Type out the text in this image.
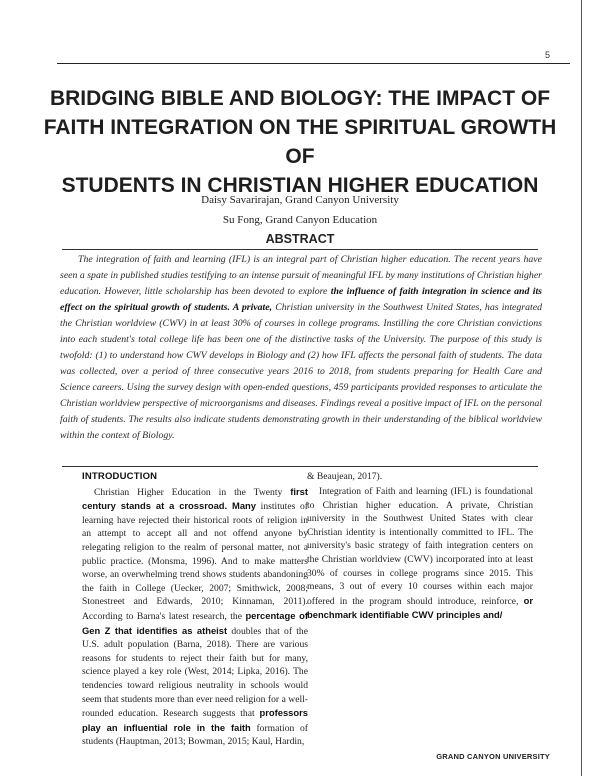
5
BRIDGING BIBLE AND BIOLOGY: THE IMPACT OF
FAITH INTEGRATION ON THE SPIRITUAL GROWTH OF
STUDENTS IN CHRISTIAN HIGHER EDUCATION
Daisy Savarirajan, Grand Canyon University
Su Fong, Grand Canyon Education
ABSTRACT

The integration of faith and learning (IFL) is an integral part of Christian higher education. The recent years have seen a spate in published studies testifying to an intense pursuit of meaningful IFL by many institutions of Christian higher education. However, little scholarship has been devoted to explore the influence of faith integration in science and its effect on the spiritual growth of students. A private, Christian university in the Southwest United States, has integrated the Christian worldview (CWV) in at least 30% of courses in college programs. Instilling the core Christian convictions into each student's total college life has been one of the distinctive tasks of the University. The purpose of this study is twofold: (1) to understand how CWV develops in Biology and (2) how IFL affects the personal faith of students. The data was collected, over a period of three consecutive years 2016 to 2018, from students preparing for Health Care and Science careers. Using the survey design with open-ended questions, 459 participants provided responses to articulate the Christian worldview perspective of microorganisms and diseases. Findings reveal a positive impact of IFL on the personal faith of students. The results also indicate students demonstrating growth in their understanding of the biblical worldview within the context of Biology.

INTRODUCTION

Christian Higher Education in the Twenty first century stands at a crossroad. Many institutes of learning have rejected their historical roots of religion in an attempt to accept all and not offend anyone by relegating religion to the realm of personal matter, not a public practice. (Monsma, 1996). And to make matters worse, an overwhelming trend shows students abandoning the faith in College (Uecker, 2007; Smithwick, 2008; Stonestreet and Edwards, 2010; Kinnaman, 2011). According to Barna's latest research, the percentage of Gen Z that identifies as atheist doubles that of the U.S. adult population (Barna, 2018). There are various reasons for students to reject their faith but for many, science played a key role (West, 2014; Lipka, 2016). The tendencies toward religious neutrality in schools would seem that students more than ever need religion for a well-rounded education. Research suggests that professors play an influential role in the faith formation of students (Hauptman, 2013; Bowman, 2015; Kaul, Hardin,

Integration of Faith and learning (IFL) is foundational to Christian higher education. A private, Christian university in the Southwest United States with clear Christian identity is intentionally committed to IFL. The university's basic strategy of faith integration centers on the Christian worldview (CWV) incorporated into at least 30% of courses in college programs since 2015. This means, 3 out of every 10 courses within each major offered in the program should introduce, reinforce, or benchmark identifiable CWV principles and/

GRAND CANYON UNIVERSITY

& Beaujean, 2017).
